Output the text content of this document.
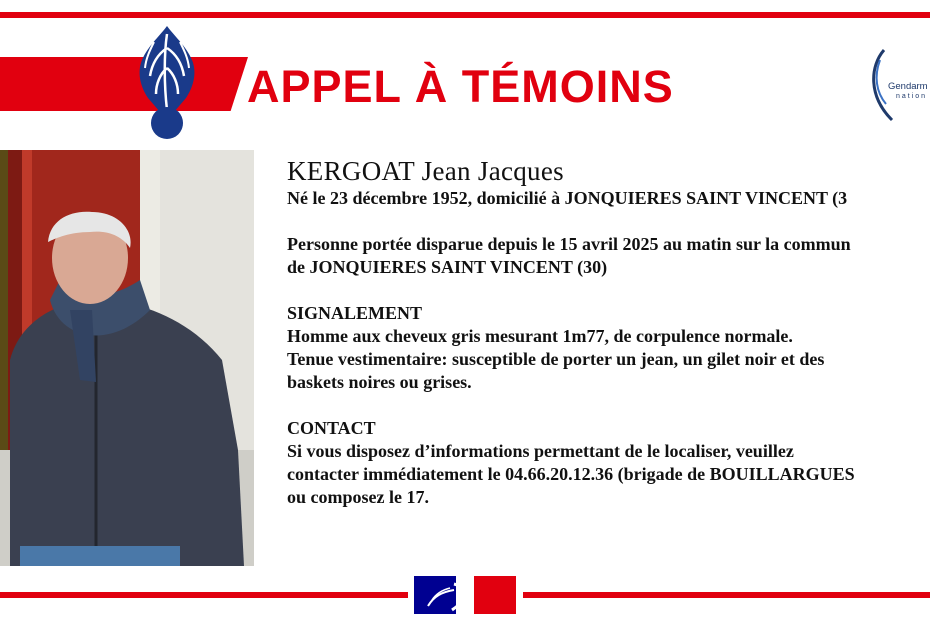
APPEL À TÉMOINS	Gendarm
nation
KERGOAT Jean Jacques
Né le 23 décembre 1952, domicilié à JONQUIERES SAINT VINCENT (3
Personne portée disparue depuis le 15 avril 2025 au matin sur la commun
de JONQUIERES SAINT VINCENT (30)
SIGNALEMENT
Homme aux cheveux gris mesurant 1m77, de corpulence normale.
Tenue vestimentaire: susceptible de porter un jean, un gilet noir et des
baskets noires ou grises.
CONTACT
Si vous disposez d’informations permettant de le localiser, veuillez
contacter immédiatement le 04.66.20.12.36 (brigade de BOUILLARGUES
ou composez le 17.
